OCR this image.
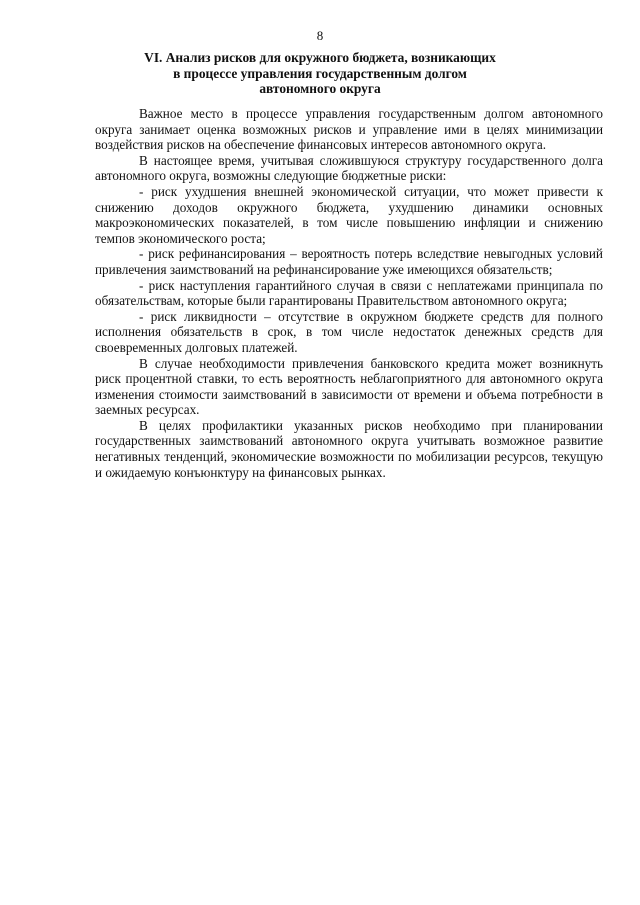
8
VI. Анализ рисков для окружного бюджета, возникающих
в процессе управления государственным долгом
автономного округа

Важное место в процессе управления государственным долгом автономного округа занимает оценка возможных рисков и управление ими в целях минимизации воздействия рисков на обеспечение финансовых интересов автономного округа.

В настоящее время, учитывая сложившуюся структуру государственного долга автономного округа, возможны следующие бюджетные риски:

- риск ухудшения внешней экономической ситуации, что может привести к снижению доходов окружного бюджета, ухудшению динамики основных макроэкономических показателей, в том числе повышению инфляции и снижению темпов экономического роста;

- риск рефинансирования – вероятность потерь вследствие невыгодных условий привлечения заимствований на рефинансирование уже имеющихся обязательств;

- риск наступления гарантийного случая в связи с неплатежами принципала по обязательствам, которые были гарантированы Правительством автономного округа;

- риск ликвидности – отсутствие в окружном бюджете средств для полного исполнения обязательств в срок, в том числе недостаток денежных средств для своевременных долговых платежей.

В случае необходимости привлечения банковского кредита может возникнуть риск процентной ставки, то есть вероятность неблагоприятного для автономного округа изменения стоимости заимствований в зависимости от времени и объема потребности в заемных ресурсах.

В целях профилактики указанных рисков необходимо при планировании государственных заимствований автономного округа учитывать возможное развитие негативных тенденций, экономические возможности по мобилизации ресурсов, текущую и ожидаемую конъюнктуру на финансовых рынках.
